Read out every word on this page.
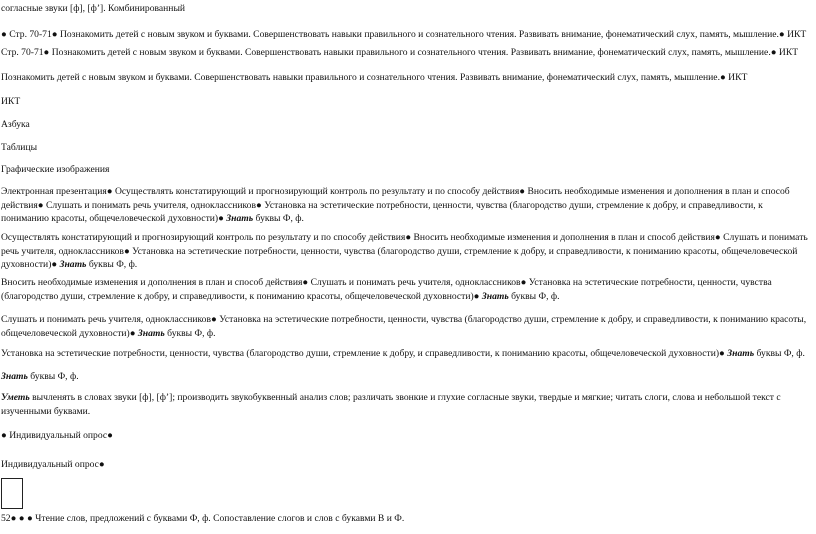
согласные звуки [ф], [ф’]. Комбинированный
● Стр. 70-71● Познакомить детей с новым звуком и буквами. Совершенствовать навыки правильного и сознательного чтения. Развивать внимание, фонематический слух, память, мышление.● ИКТ
Стр. 70-71● Познакомить детей с новым звуком и буквами. Совершенствовать навыки правильного и сознательного чтения. Развивать внимание, фонематический слух, память, мышление.● ИКТ
Познакомить детей с новым звуком и буквами. Совершенствовать навыки правильного и сознательного чтения. Развивать внимание, фонематический слух, память, мышление.● ИКТ
ИКТ
Азбука
Таблицы
Графические изображения
Электронная презентация● Осуществлять констатирующий и прогнозирующий контроль по результату и по способу действия● Вносить необходимые изменения и дополнения в план и способ действия● Слушать и понимать речь учителя, одноклассников● Установка на эстетические потребности, ценности, чувства (благородство души, стремление к добру, и справедливости, к пониманию красоты, общечеловеческой духовности)● Знать буквы Ф, ф.
Осуществлять констатирующий и прогнозирующий контроль по результату и по способу действия● Вносить необходимые изменения и дополнения в план и способ действия● Слушать и понимать речь учителя, одноклассников● Установка на эстетические потребности, ценности, чувства (благородство души, стремление к добру, и справедливости, к пониманию красоты, общечеловеческой духовности)● Знать буквы Ф, ф.
Вносить необходимые изменения и дополнения в план и способ действия● Слушать и понимать речь учителя, одноклассников● Установка на эстетические потребности, ценности, чувства (благородство души, стремление к добру, и справедливости, к пониманию красоты, общечеловеческой духовности)● Знать буквы Ф, ф.
Слушать и понимать речь учителя, одноклассников● Установка на эстетические потребности, ценности, чувства (благородство души, стремление к добру, и справедливости, к пониманию красоты, общечеловеческой духовности)● Знать буквы Ф, ф.
Установка на эстетические потребности, ценности, чувства (благородство души, стремление к добру, и справедливости, к пониманию красоты, общечеловеческой духовности)● Знать буквы Ф, ф.
Знать буквы Ф, ф.
Уметь вычленять в словах звуки [ф], [ф’]; производить звукобуквенный анализ слов; различать звонкие и глухие согласные звуки, твердые и мягкие; читать слоги, слова и небольшой текст с изученными буквами.
● Индивидуальный опрос●
Индивидуальный опрос●
52● ● ● Чтение слов, предложений с буквами Ф, ф. Сопоставление слогов и слов с букавми В и Ф.
